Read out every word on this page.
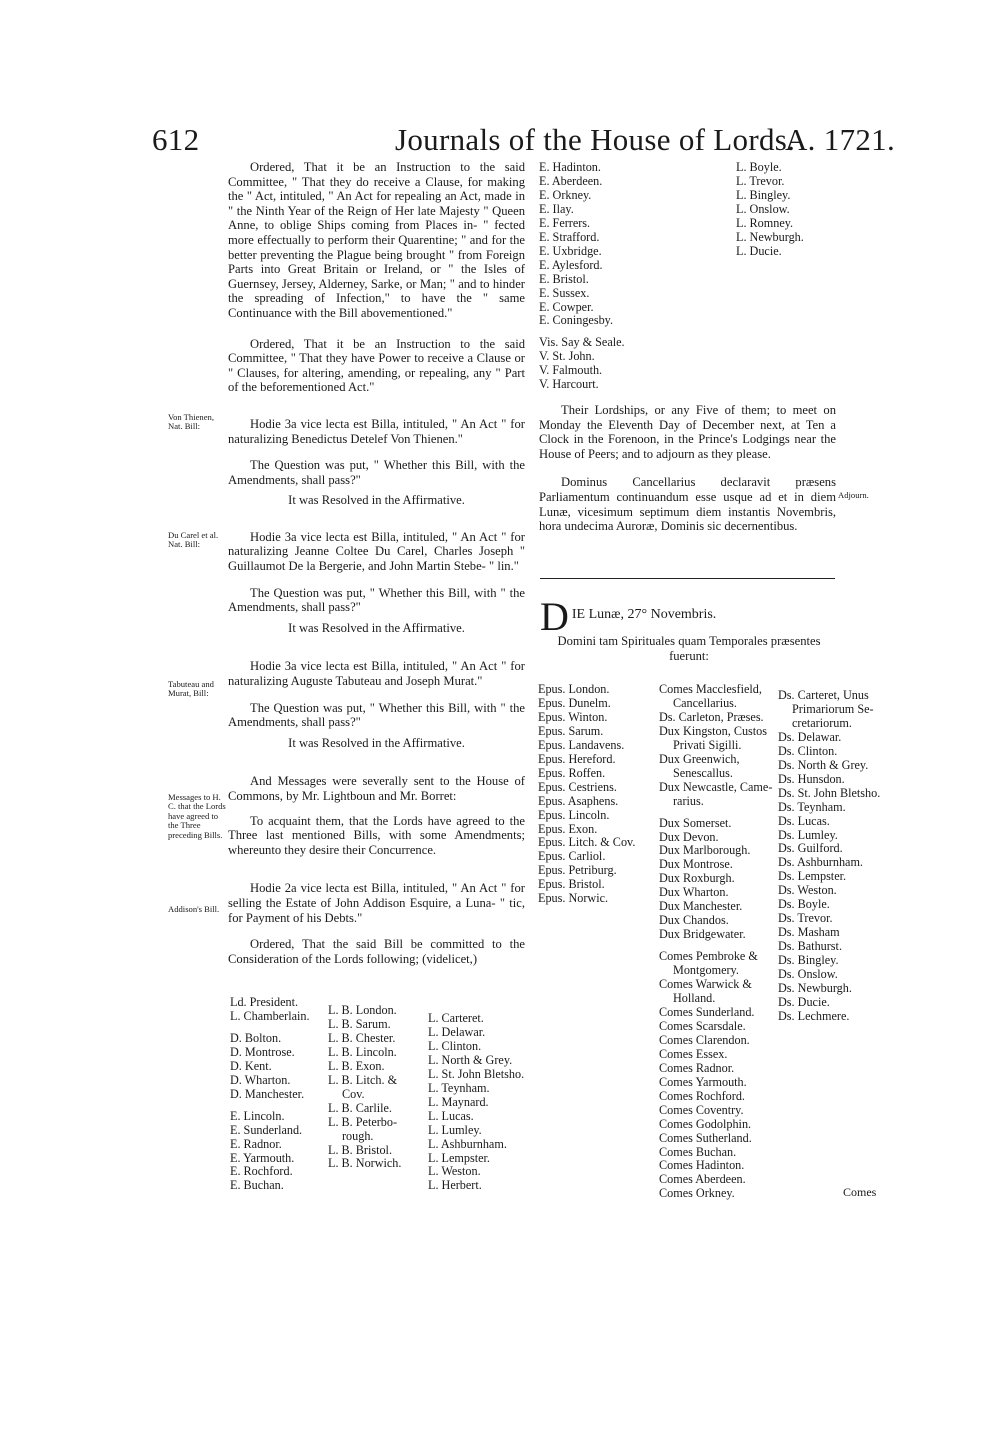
612	Journals of the House of Lords.
A. 1721.

Ordered, That it be an Instruction to the said Committee, " That they do receive a Clause, for making the " Act, intituled, " An Act for repealing an Act, made in " the Ninth Year of the Reign of Her late Majesty " Queen Anne, to oblige Ships coming from Places in- " fected more effectually to perform their Quarentine; " and for the better preventing the Plague being brought " from Foreign Parts into Great Britain or Ireland, or " the Isles of Guernsey, Jersey, Alderney, Sarke, or Man; " and to hinder the spreading of Infection," to have the " same Continuance with the Bill abovementioned."

Ordered, That it be an Instruction to the said Committee, " That they have Power to receive a Clause or " Clauses, for altering, amending, or repealing, any " Part of the beforementioned Act."

Hodie 3a vice lecta est Billa, intituled, " An Act " for naturalizing Benedictus Detelef Von Thienen."

The Question was put, " Whether this Bill, with the Amendments, shall pass?"

It was Resolved in the Affirmative.

Hodie 3a vice lecta est Billa, intituled, " An Act " for naturalizing Jeanne Coltee Du Carel, Charles Joseph " Guillaumot De la Bergerie, and John Martin Stebe- " lin."

The Question was put, " Whether this Bill, with " the Amendments, shall pass?"

It was Resolved in the Affirmative.

Hodie 3a vice lecta est Billa, intituled, " An Act " for naturalizing Auguste Tabuteau and Joseph Murat."

The Question was put, " Whether this Bill, with " the Amendments, shall pass?"

It was Resolved in the Affirmative.

And Messages were severally sent to the House of Commons, by Mr. Lightboun and Mr. Borret:

To acquaint them, that the Lords have agreed to the Three last mentioned Bills, with some Amendments; whereunto they desire their Concurrence.

Hodie 2a vice lecta est Billa, intituled, " An Act " for selling the Estate of John Addison Esquire, a Luna- " tic, for Payment of his Debts."

Ordered, That the said Bill be committed to the Consideration of the Lords following; (videlicet,)

Von Thienen, Nat. Bill:
Du Carel et al. Nat. Bill:
Tabuteau and Murat, Bill:
Messages to H. C. that the Lords have agreed to the Three preceding Bills.
Addison's Bill.
Ld. President.
L. Chamberlain.

D. Bolton.
D. Montrose.
D. Kent.
D. Wharton.
D. Manchester.

E. Lincoln.
E. Sunderland.
E. Radnor.
E. Yarmouth.
E. Rochford.
E. Buchan.

L. B. London.
L. B. Sarum.
L. B. Chester.
L. B. Lincoln.
L. B. Exon.
L. B. Litch. &
Cov.
L. B. Carlile.
L. B. Peterbo-
rough.
L. B. Bristol.
L. B. Norwich.

L. Carteret.
L. Delawar.
L. Clinton.
L. North & Grey.
L. St. John Bletsho.
L. Teynham.
L. Maynard.
L. Lucas.
L. Lumley.
L. Ashburnham.
L. Lempster.
L. Weston.
L. Herbert.
E. Hadinton.
E. Aberdeen.
E. Orkney.
E. Ilay.
E. Ferrers.
E. Strafford.
E. Uxbridge.
E. Aylesford.
E. Bristol.
E. Sussex.
E. Cowper.
E. Coningesby.

Vis. Say & Seale.
V. St. John.
V. Falmouth.
V. Harcourt.
L. Boyle.
L. Trevor.
L. Bingley.
L. Onslow.
L. Romney.
L. Newburgh.
L. Ducie.

Their Lordships, or any Five of them; to meet on Monday the Eleventh Day of December next, at Ten a Clock in the Forenoon, in the Prince's Lodgings near the House of Peers; and to adjourn as they please.

Dominus Cancellarius declaravit præsens Parliamentum continuandum esse usque ad et in diem Lunæ, vicesimum septimum diem instantis Novembris, hora undecima Auroræ, Dominis sic decernentibus.

Adjourn.
D IE Lunæ, 27° Novembris.
Domini tam Spirituales quam Temporales præsentes fuerunt:
Epus. London.
Epus. Dunelm.
Epus. Winton.
Epus. Sarum.
Epus. Landavens.
Epus. Hereford.
Epus. Roffen.
Epus. Cestriens.
Epus. Asaphens.
Epus. Lincoln.
Epus. Exon.
Epus. Litch. & Cov.
Epus. Carliol.
Epus. Petriburg.
Epus. Bristol.
Epus. Norwic.
Comes Macclesfield,
Cancellarius.
Ds. Carleton, Præses.
Dux Kingston, Custos
Privati Sigilli.
Dux Greenwich,
Senescallus.
Dux Newcastle, Came-
rarius.

Dux Somerset.
Dux Devon.
Dux Marlborough.
Dux Montrose.
Dux Roxburgh.
Dux Wharton.
Dux Manchester.
Dux Chandos.
Dux Bridgewater.

Comes Pembroke &
Montgomery.
Comes Warwick &
Holland.
Comes Sunderland.
Comes Scarsdale.
Comes Clarendon.
Comes Essex.
Comes Radnor.
Comes Yarmouth.
Comes Rochford.
Comes Coventry.
Comes Godolphin.
Comes Sutherland.
Comes Buchan.
Comes Hadinton.
Comes Aberdeen.
Comes Orkney.
Ds. Carteret, Unus
Primariorum Se-
cretariorum.
Ds. Delawar.
Ds. Clinton.
Ds. North & Grey.
Ds. Hunsdon.
Ds. St. John Bletsho.
Ds. Teynham.
Ds. Lucas.
Ds. Lumley.
Ds. Guilford.
Ds. Ashburnham.
Ds. Lempster.
Ds. Weston.
Ds. Boyle.
Ds. Trevor.
Ds. Masham
Ds. Bathurst.
Ds. Bingley.
Ds. Onslow.
Ds. Newburgh.
Ds. Ducie.
Ds. Lechmere.
Comes
